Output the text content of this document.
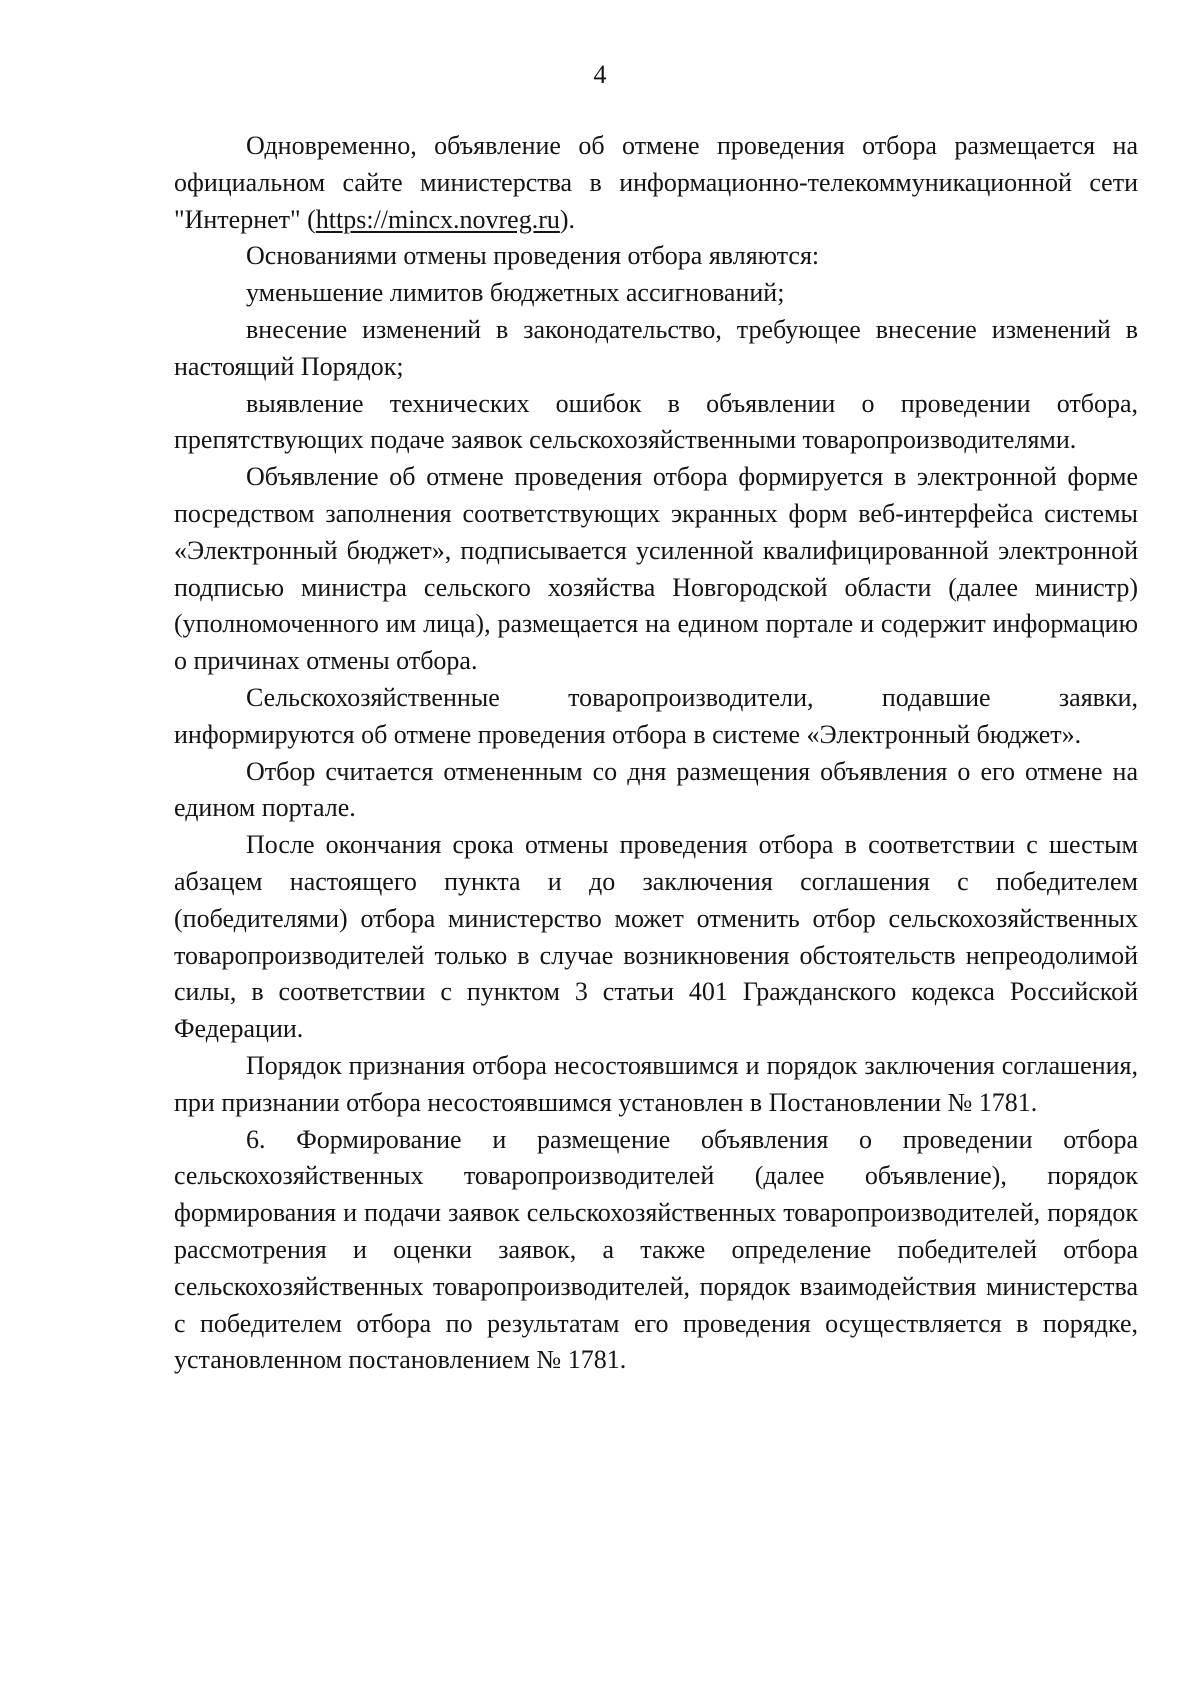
4

Одновременно, объявление об отмене проведения отбора размещается на официальном сайте министерства в информационно-телекоммуникационной сети "Интернет" (https://mincx.novreg.ru).

Основаниями отмены проведения отбора являются:

уменьшение лимитов бюджетных ассигнований;

внесение изменений в законодательство, требующее внесение изменений в настоящий Порядок;

выявление технических ошибок в объявлении о проведении отбора, препятствующих подаче заявок сельскохозяйственными товаропроизводителями.

Объявление об отмене проведения отбора формируется в электронной форме посредством заполнения соответствующих экранных форм веб-интерфейса системы «Электронный бюджет», подписывается усиленной квалифицированной электронной подписью министра сельского хозяйства Новгородской области (далее министр) (уполномоченного им лица), размещается на едином портале и содержит информацию о причинах отмены отбора.

Сельскохозяйственные товаропроизводители, подавшие заявки, информируются об отмене проведения отбора в системе «Электронный бюджет».

Отбор считается отмененным со дня размещения объявления о его отмене на едином портале.

После окончания срока отмены проведения отбора в соответствии с шестым абзацем настоящего пункта и до заключения соглашения с победителем (победителями) отбора министерство может отменить отбор сельскохозяйственных товаропроизводителей только в случае возникновения обстоятельств непреодолимой силы, в соответствии с пунктом 3 статьи 401 Гражданского кодекса Российской Федерации.

Порядок признания отбора несостоявшимся и порядок заключения соглашения, при признании отбора несостоявшимся установлен в Постановлении № 1781.

6. Формирование и размещение объявления о проведении отбора сельскохозяйственных товаропроизводителей (далее объявление), порядок формирования и подачи заявок сельскохозяйственных товаропроизводителей, порядок рассмотрения и оценки заявок, а также определение победителей отбора сельскохозяйственных товаропроизводителей, порядок взаимодействия министерства с победителем отбора по результатам его проведения осуществляется в порядке, установленном постановлением № 1781.
